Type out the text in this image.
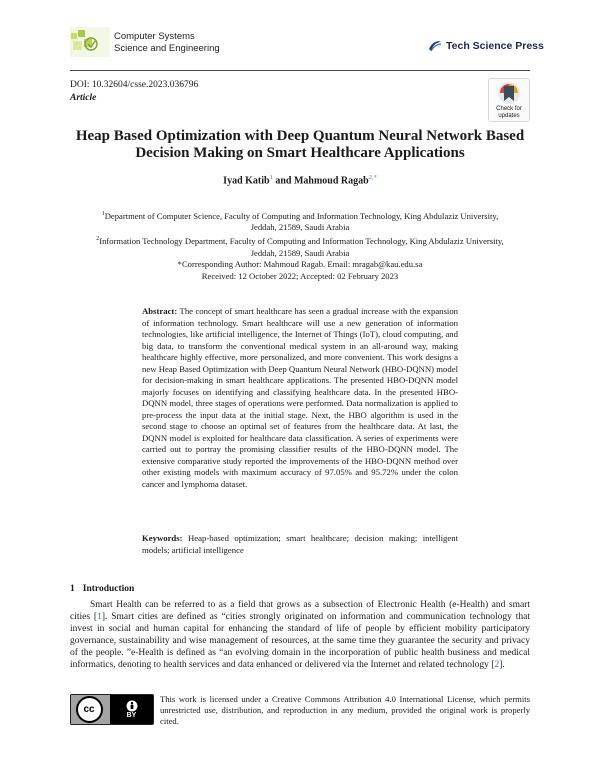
Computer Systems
Science and Engineering	Tech Science Press
DOI: 10.32604/csse.2023.036796
Article
Check for
updates
Heap Based Optimization with Deep Quantum Neural Network Based Decision Making on Smart Healthcare Applications
Iyad Katib$^1$ and Mahmoud Ragab$^{2,*}$
$^1$Department of Computer Science, Faculty of Computing and Information Technology, King Abdulaziz University,
Jeddah, 21589, Saudi Arabia
$^2$Information Technology Department, Faculty of Computing and Information Technology, King Abdulaziz University,
Jeddah, 21589, Saudi Arabia
*Corresponding Author: Mahmoud Ragab. Email: mragab@kau.edu.sa
Received: 12 October 2022; Accepted: 02 February 2023
Abstract: The concept of smart healthcare has seen a gradual increase with the expansion of information technology. Smart healthcare will use a new generation of information technologies, like artificial intelligence, the Internet of Things (IoT), cloud computing, and big data, to transform the conventional medical system in an all-around way, making healthcare highly effective, more personalized, and more convenient. This work designs a new Heap Based Optimization with Deep Quantum Neural Network (HBO-DQNN) model for decision-making in smart healthcare applications. The presented HBO-DQNN model majorly focuses on identifying and classifying healthcare data. In the presented HBO-DQNN model, three stages of operations were performed. Data normalization is applied to pre-process the input data at the initial stage. Next, the HBO algorithm is used in the second stage to choose an optimal set of features from the healthcare data. At last, the DQNN model is exploited for healthcare data classification. A series of experiments were carried out to portray the promising classifier results of the HBO-DQNN model. The extensive comparative study reported the improvements of the HBO-DQNN method over other existing models with maximum accuracy of 97.05% and 95.72% under the colon cancer and lymphoma dataset.
Keywords: Heap-based optimization; smart healthcare; decision making; intelligent models; artificial intelligence
1 Introduction
Smart Health can be referred to as a field that grows as a subsection of Electronic Health (e-Health) and smart cities [1]. Smart cities are defined as “cities strongly originated on information and communication technology that invest in social and human capital for enhancing the standard of life of people by efficient mobility participatory governance, sustainability and wise management of resources, at the same time they guarantee the security and privacy of the people. ”e-Health is defined as “an evolving domain in the incorporation of public health business and medical informatics, denoting to health services and data enhanced or delivered via the Internet and related technology [2].
cc	BY
This work is licensed under a Creative Commons Attribution 4.0 International License, which permits unrestricted use, distribution, and reproduction in any medium, provided the original work is properly cited.
